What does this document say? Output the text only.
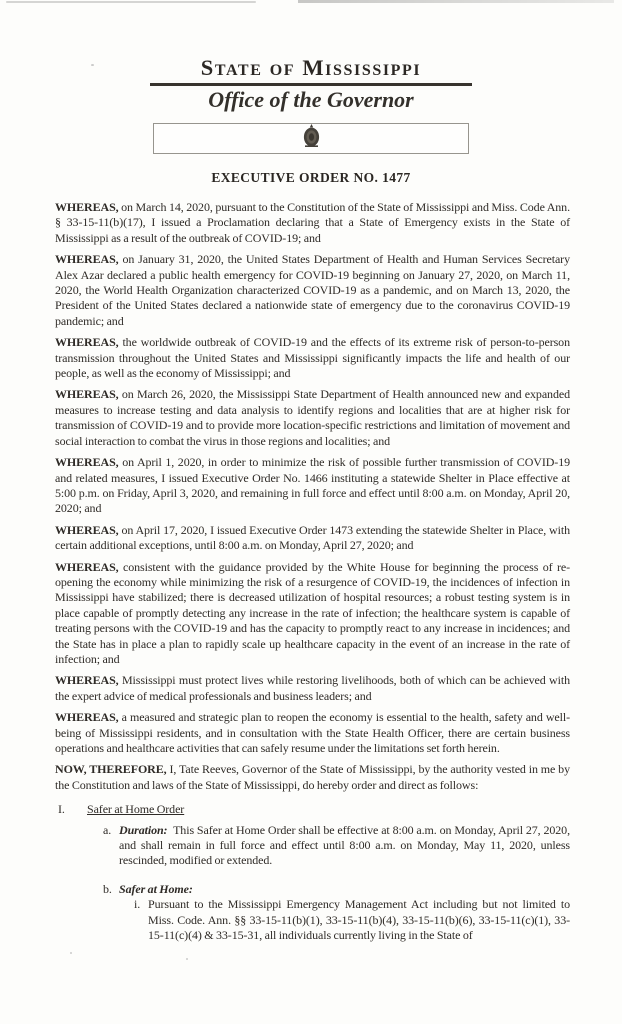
State of Mississippi
Office of the Governor
EXECUTIVE ORDER NO. 1477

WHEREAS, on March 14, 2020, pursuant to the Constitution of the State of Mississippi and Miss. Code Ann. § 33-15-11(b)(17), I issued a Proclamation declaring that a State of Emergency exists in the State of Mississippi as a result of the outbreak of COVID-19; and

WHEREAS, on January 31, 2020, the United States Department of Health and Human Services Secretary Alex Azar declared a public health emergency for COVID-19 beginning on January 27, 2020, on March 11, 2020, the World Health Organization characterized COVID-19 as a pandemic, and on March 13, 2020, the President of the United States declared a nationwide state of emergency due to the coronavirus COVID-19 pandemic; and

WHEREAS, the worldwide outbreak of COVID-19 and the effects of its extreme risk of person-to-person transmission throughout the United States and Mississippi significantly impacts the life and health of our people, as well as the economy of Mississippi; and

WHEREAS, on March 26, 2020, the Mississippi State Department of Health announced new and expanded measures to increase testing and data analysis to identify regions and localities that are at higher risk for transmission of COVID-19 and to provide more location-specific restrictions and limitation of movement and social interaction to combat the virus in those regions and localities; and

WHEREAS, on April 1, 2020, in order to minimize the risk of possible further transmission of COVID-19 and related measures, I issued Executive Order No. 1466 instituting a statewide Shelter in Place effective at 5:00 p.m. on Friday, April 3, 2020, and remaining in full force and effect until 8:00 a.m. on Monday, April 20, 2020; and

WHEREAS, on April 17, 2020, I issued Executive Order 1473 extending the statewide Shelter in Place, with certain additional exceptions, until 8:00 a.m. on Monday, April 27, 2020; and

WHEREAS, consistent with the guidance provided by the White House for beginning the process of re-opening the economy while minimizing the risk of a resurgence of COVID-19, the incidences of infection in Mississippi have stabilized; there is decreased utilization of hospital resources; a robust testing system is in place capable of promptly detecting any increase in the rate of infection; the healthcare system is capable of treating persons with the COVID-19 and has the capacity to promptly react to any increase in incidences; and the State has in place a plan to rapidly scale up healthcare capacity in the event of an increase in the rate of infection; and

WHEREAS, Mississippi must protect lives while restoring livelihoods, both of which can be achieved with the expert advice of medical professionals and business leaders; and

WHEREAS, a measured and strategic plan to reopen the economy is essential to the health, safety and well-being of Mississippi residents, and in consultation with the State Health Officer, there are certain business operations and healthcare activities that can safely resume under the limitations set forth herein.

NOW, THEREFORE, I, Tate Reeves, Governor of the State of Mississippi, by the authority vested in me by the Constitution and laws of the State of Mississippi, do hereby order and direct as follows:

I.	Safer at Home Order
a. Duration: This Safer at Home Order shall be effective at 8:00 a.m. on Monday, April 27, 2020, and shall remain in full force and effect until 8:00 a.m. on Monday, May 11, 2020, unless rescinded, modified or extended.
b. Safer at Home:
i. Pursuant to the Mississippi Emergency Management Act including but not limited to Miss. Code. Ann. §§ 33-15-11(b)(1), 33-15-11(b)(4), 33-15-11(b)(6), 33-15-11(c)(1), 33-15-11(c)(4) & 33-15-31, all individuals currently living in the State of
